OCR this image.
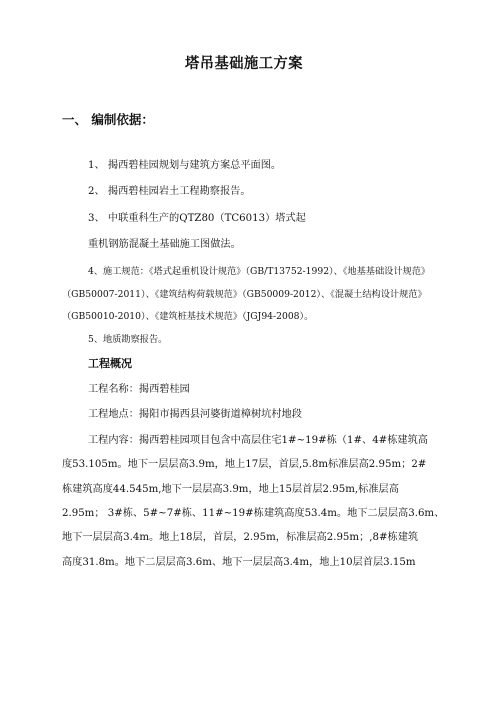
塔吊基础施工方案
一、 编制依据：
1、 揭西碧桂园规划与建筑方案总平面图。
2、 揭西碧桂园岩土工程勘察报告。
3、 中联重科生产的QTZ80（TC6013）塔式起
重机钢筋混凝土基础施工图做法。
4、施工规范：《塔式起重机设计规范》（GB/T13752-1992）、《地基基础设计规范》
（GB50007-2011）、《建筑结构荷载规范》（GB50009-2012）、《混凝土结构设计规范》
（GB50010-2010）、《建筑桩基技术规范》（JGJ94-2008）。
5、地质勘察报告。
工程概况
工程名称：揭西碧桂园
工程地点：揭阳市揭西县河婆街道樟树坑村地段
工程内容：揭西碧桂园项目包含中高层住宅1#~19#栋（1#、4#栋建筑高
度53.105m。地下一层层高3.9m，地上17层，首层,5.8m标准层高2.95m；2#
栋建筑高度44.545m,地下一层层高3.9m，地上15层首层2.95m,标准层高
2.95m； 3#栋、5#~7#栋、11#~19#栋建筑高度53.4m。地下二层层高3.6m、
地下一层层高3.4m。地上18层，首层，2.95m，标准层高2.95m；,8#栋建筑
高度31.8m。地下二层层高3.6m、地下一层层高3.4m，地上10层首层3.15m
